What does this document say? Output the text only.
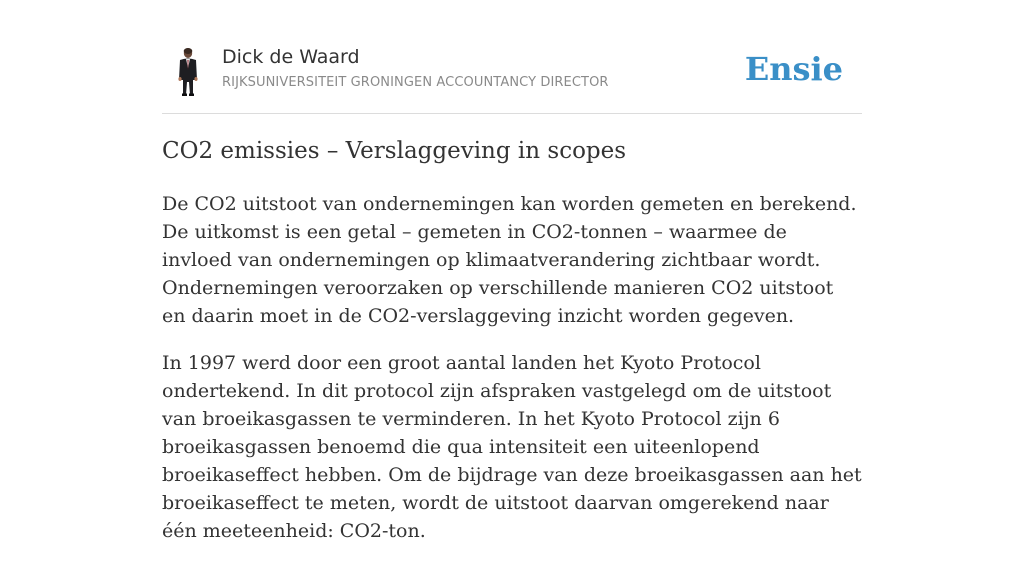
Dick de Waard
RIJKSUNIVERSITEIT GRONINGEN ACCOUNTANCY DIRECTOR	Ensie
CO2 emissies – Verslaggeving in scopes

De CO2 uitstoot van ondernemingen kan worden gemeten en berekend. De uitkomst is een getal – gemeten in CO2-tonnen – waarmee de invloed van ondernemingen op klimaatverandering zichtbaar wordt. Ondernemingen veroorzaken op verschillende manieren CO2 uitstoot en daarin moet in de CO2-verslaggeving inzicht worden gegeven.

In 1997 werd door een groot aantal landen het Kyoto Protocol ondertekend. In dit protocol zijn afspraken vastgelegd om de uitstoot van broeikasgassen te verminderen. In het Kyoto Protocol zijn 6 broeikasgassen benoemd die qua intensiteit een uiteenlopend broeikaseffect hebben. Om de bijdrage van deze broeikasgassen aan het broeikaseffect te meten, wordt de uitstoot daarvan omgerekend naar één meeteenheid: CO2-ton.
